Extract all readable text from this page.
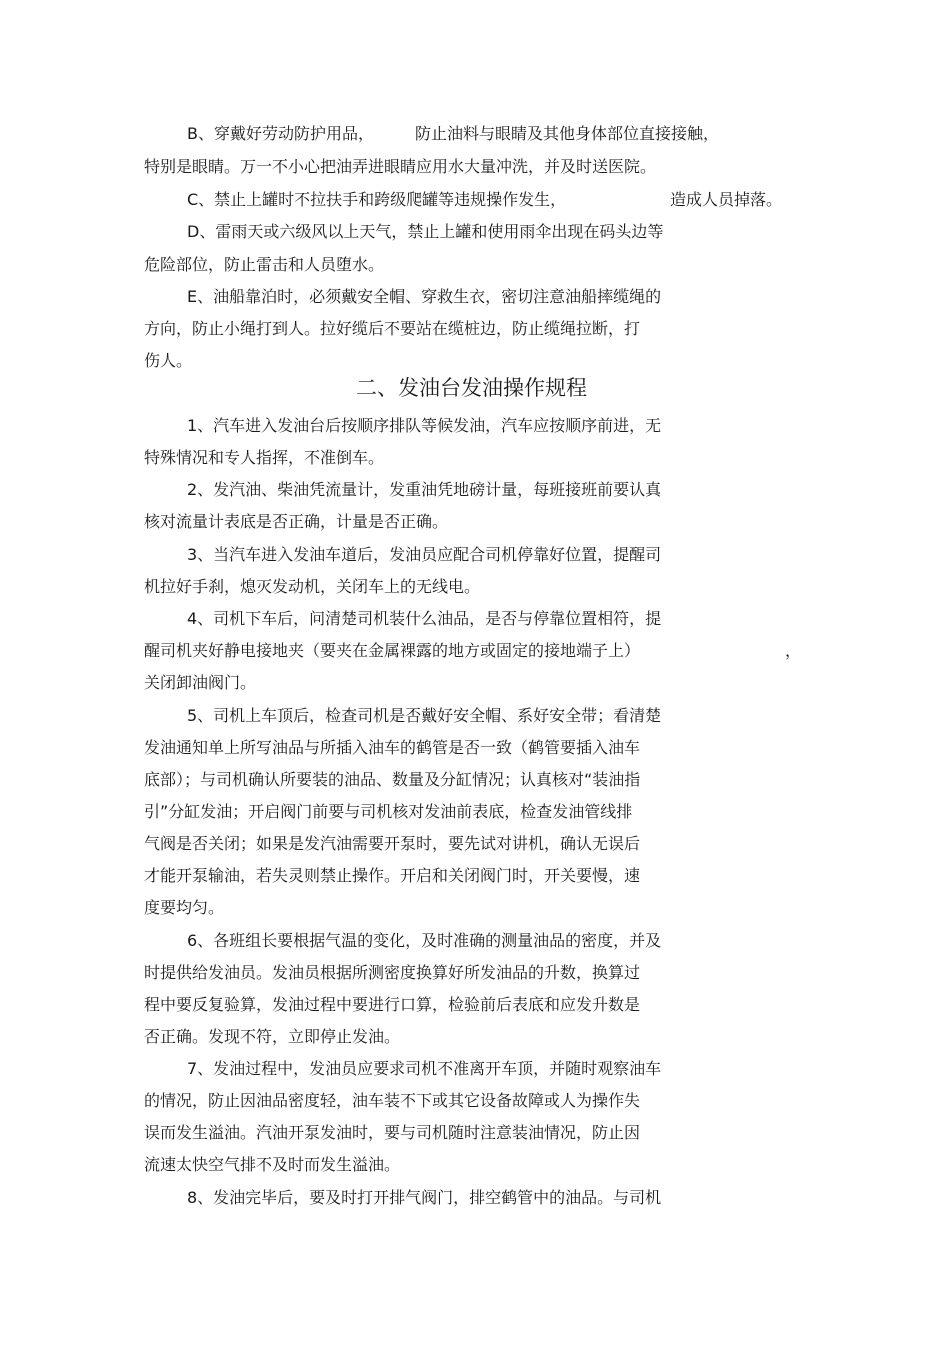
B、穿戴好劳动防护用品，	防止油料与眼睛及其他身体部位直接接触，

特别是眼睛。万一不小心把油弄进眼睛应用水大量冲洗，并及时送医院。

C、禁止上罐时不拉扶手和跨级爬罐等违规操作发生，	造成人员掉落。

D、雷雨天或六级风以上天气，禁止上罐和使用雨伞出现在码头边等

危险部位，防止雷击和人员堕水。

E、油船靠泊时，必须戴安全帽、穿救生衣，密切注意油船摔缆绳的

方向，防止小绳打到人。拉好缆后不要站在缆桩边，防止缆绳拉断，打

伤人。

二、发油台发油操作规程

1、汽车进入发油台后按顺序排队等候发油，汽车应按顺序前进，无

特殊情况和专人指挥，不准倒车。

2、发汽油、柴油凭流量计，发重油凭地磅计量，每班接班前要认真

核对流量计表底是否正确，计量是否正确。

3、当汽车进入发油车道后，发油员应配合司机停靠好位置，提醒司

机拉好手刹，熄灭发动机，关闭车上的无线电。

4、司机下车后，问清楚司机装什么油品，是否与停靠位置相符，提

醒司机夹好静电接地夹（要夹在金属裸露的地方或固定的接地端子上）	，

关闭卸油阀门。

5、司机上车顶后，检查司机是否戴好安全帽、系好安全带；看清楚

发油通知单上所写油品与所插入油车的鹤管是否一致（鹤管要插入油车

底部）；与司机确认所要装的油品、数量及分缸情况；认真核对“装油指

引”分缸发油；开启阀门前要与司机核对发油前表底，检查发油管线排

气阀是否关闭；如果是发汽油需要开泵时，要先试对讲机，确认无误后

才能开泵输油，若失灵则禁止操作。开启和关闭阀门时，开关要慢，速

度要均匀。

6、各班组长要根据气温的变化，及时准确的测量油品的密度，并及

时提供给发油员。发油员根据所测密度换算好所发油品的升数，换算过

程中要反复验算，发油过程中要进行口算，检验前后表底和应发升数是

否正确。发现不符，立即停止发油。

7、发油过程中，发油员应要求司机不准离开车顶，并随时观察油车

的情况，防止因油品密度轻，油车装不下或其它设备故障或人为操作失

误而发生溢油。汽油开泵发油时，要与司机随时注意装油情况，防止因

流速太快空气排不及时而发生溢油。

8、发油完毕后，要及时打开排气阀门，排空鹤管中的油品。与司机
